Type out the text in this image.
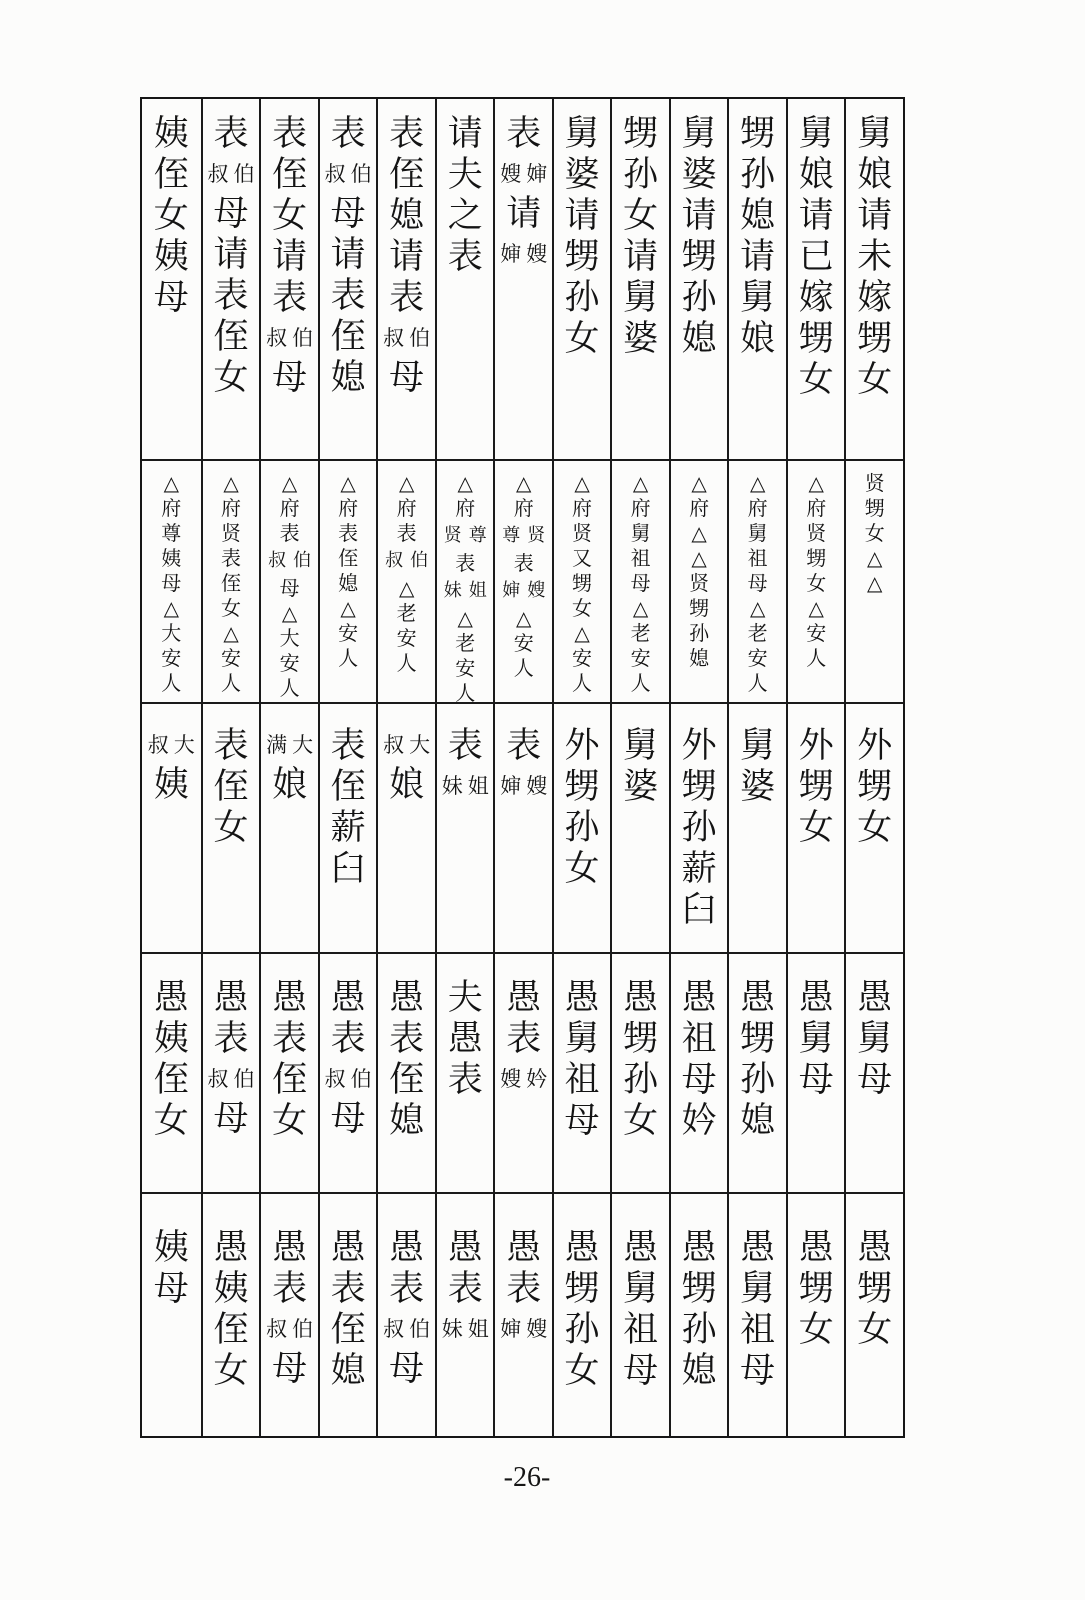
舅娘请未嫁甥女
贤甥女△△
外甥女
愚舅母
愚甥女
舅娘请已嫁甥女
△府贤甥女△安人
外甥女
愚舅母
愚甥女
甥孙媳请舅娘
△府舅祖母△老安人
舅婆
愚甥孙媳
愚舅祖母
舅婆请甥孙媳
△府△△贤甥孙媳
外甥孙薪臼
愚祖母妗
愚甥孙媳
甥孙女请舅婆
△府舅祖母△老安人
舅婆
愚甥孙女
愚舅祖母
舅婆请甥孙女
△府贤又甥女△安人
外甥孙女
愚舅祖母
愚甥孙女
表
嫂婶
请
婶嫂
△府
尊贤
表
婶嫂
△安人
表
婶嫂
愚表
嫂妗
愚表
婶嫂
请夫之表
△府
贤尊
表
妹姐
△老安人
表
妹姐
夫愚表
愚表
妹姐
表侄媳请表
叔伯
母
△府表
叔伯
△老安人
叔大
娘
愚表侄媳
愚表
叔伯
母
表
叔伯
母请表侄媳
△府表侄媳△安人
表侄薪臼
愚表
叔伯
母
愚表侄媳
表侄女请表
叔伯
母
△府表
叔伯
母△大安人
满大
娘
愚表侄女
愚表
叔伯
母
表
叔伯
母请表侄女
△府贤表侄女△安人
表侄女
愚表
叔伯
母
愚姨侄女
姨侄女姨母
△府尊姨母△大安人
叔大
姨
愚姨侄女
姨母
-26-
